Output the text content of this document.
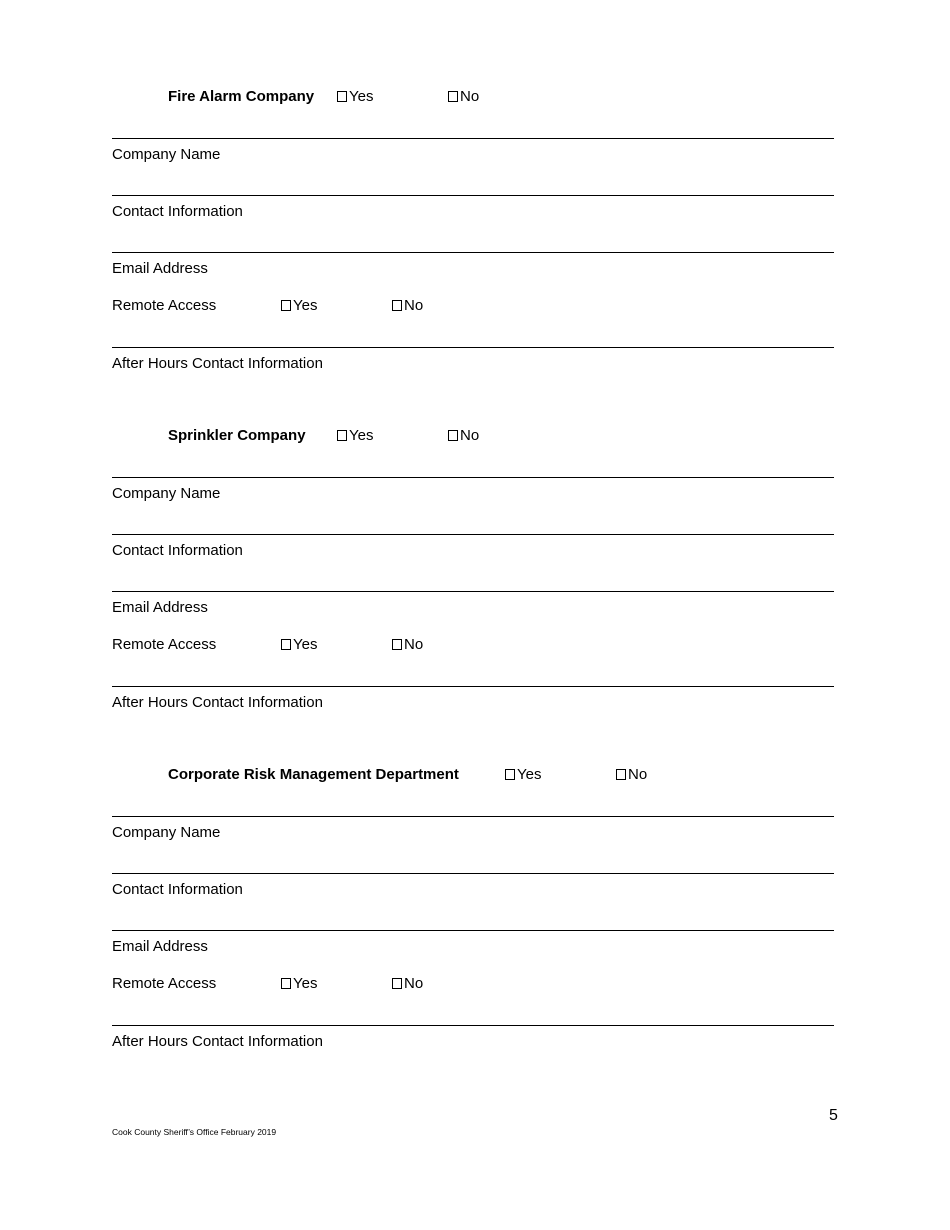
Fire Alarm Company Yes	No
Company Name
Contact Information
Email Address
Remote Access	Yes	No
After Hours Contact Information
Sprinkler Company	Yes	No
Company Name
Contact Information
Email Address
Remote Access	Yes	No
After Hours Contact Information
Corporate Risk Management Department	Yes	No
Company Name
Contact Information
Email Address
Remote Access	Yes	No
After Hours Contact Information
5
Cook County Sheriff’s Office February 2019
